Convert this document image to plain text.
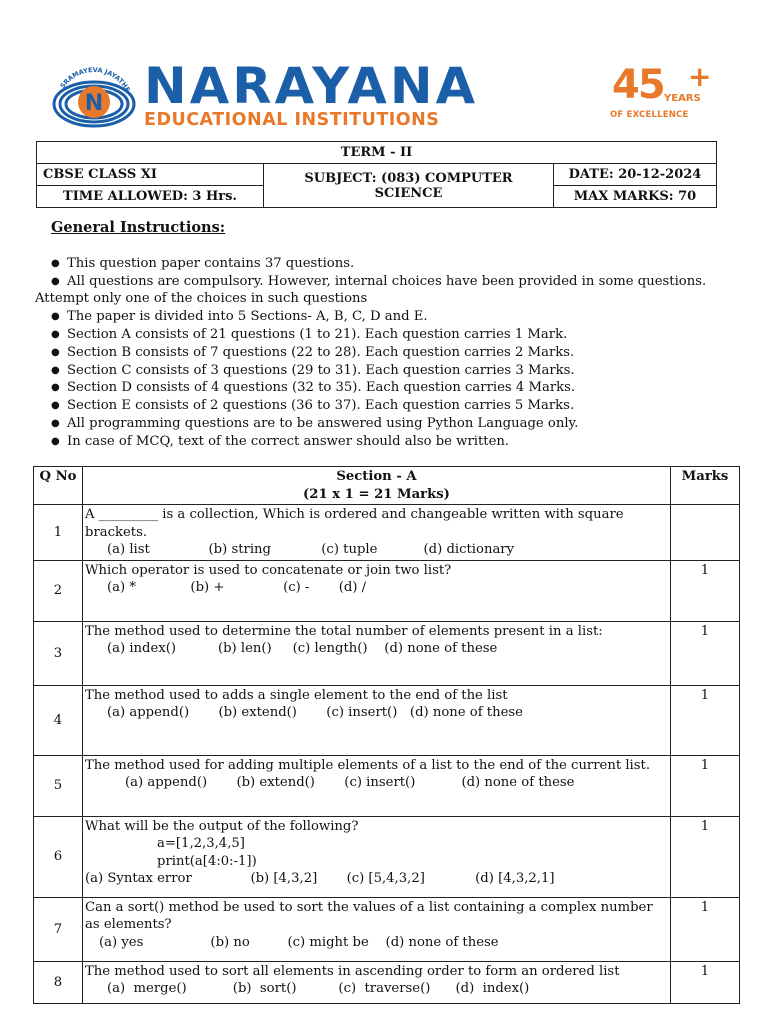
N
SRAMAYEVA JAYATHE NARAYANA
EDUCATIONAL INSTITUTIONS
45 +
YEARS
OF EXCELLENCE
TERM - II		
CBSE CLASS XI	SUBJECT: (083) COMPUTER SCIENCE	DATE: 20-12-2024
TIME ALLOWED: 3 Hrs.		MAX MARKS: 70
General Instructions:
● This question paper contains 37 questions.
● All questions are compulsory. However, internal choices have been provided in some questions.
Attempt only one of the choices in such questions
● The paper is divided into 5 Sections- A, B, C, D and E.
● Section A consists of 21 questions (1 to 21). Each question carries 1 Mark.
● Section B consists of 7 questions (22 to 28). Each question carries 2 Marks.
● Section C consists of 3 questions (29 to 31). Each question carries 3 Marks.
● Section D consists of 4 questions (32 to 35). Each question carries 4 Marks.
● Section E consists of 2 questions (36 to 37). Each question carries 5 Marks.
● All programming questions are to be answered using Python Language only.
● In case of MCQ, text of the correct answer should also be written.
Q No	Section - A
(21 x 1 = 21 Marks)	Marks
1	A _________ is a collection, Which is ordered and changeable written with square brackets.
(a) list              (b) string            (c) tuple           (d) dictionary	

2	Which operator is used to concatenate or join two list?
(a) *             (b) +              (c) -       (d) /	1
3	The method used to determine the total number of elements present in a list:
(a) index()          (b) len()     (c) length()    (d) none of these	1
4	The method used to adds a single element to the end of the list
(a) append()       (b) extend()       (c) insert()   (d) none of these	1
5	The method used for adding multiple elements of a list to the end of the current list.
(a) append()       (b) extend()       (c) insert()           (d) none of these	1
6	What will be the output of the following?
a=[1,2,3,4,5]
print(a[4:0:-1])
(a) Syntax error              (b) [4,3,2]       (c) [5,4,3,2]            (d) [4,3,2,1]	1
7	Can a sort() method be used to sort the values of a list containing a complex number as elements?
(a) yes                (b) no         (c) might be    (d) none of these	1
8	The method used to sort all elements in ascending order to form an ordered list
(a)  merge()           (b)  sort()          (c)  traverse()      (d)  index()	1
